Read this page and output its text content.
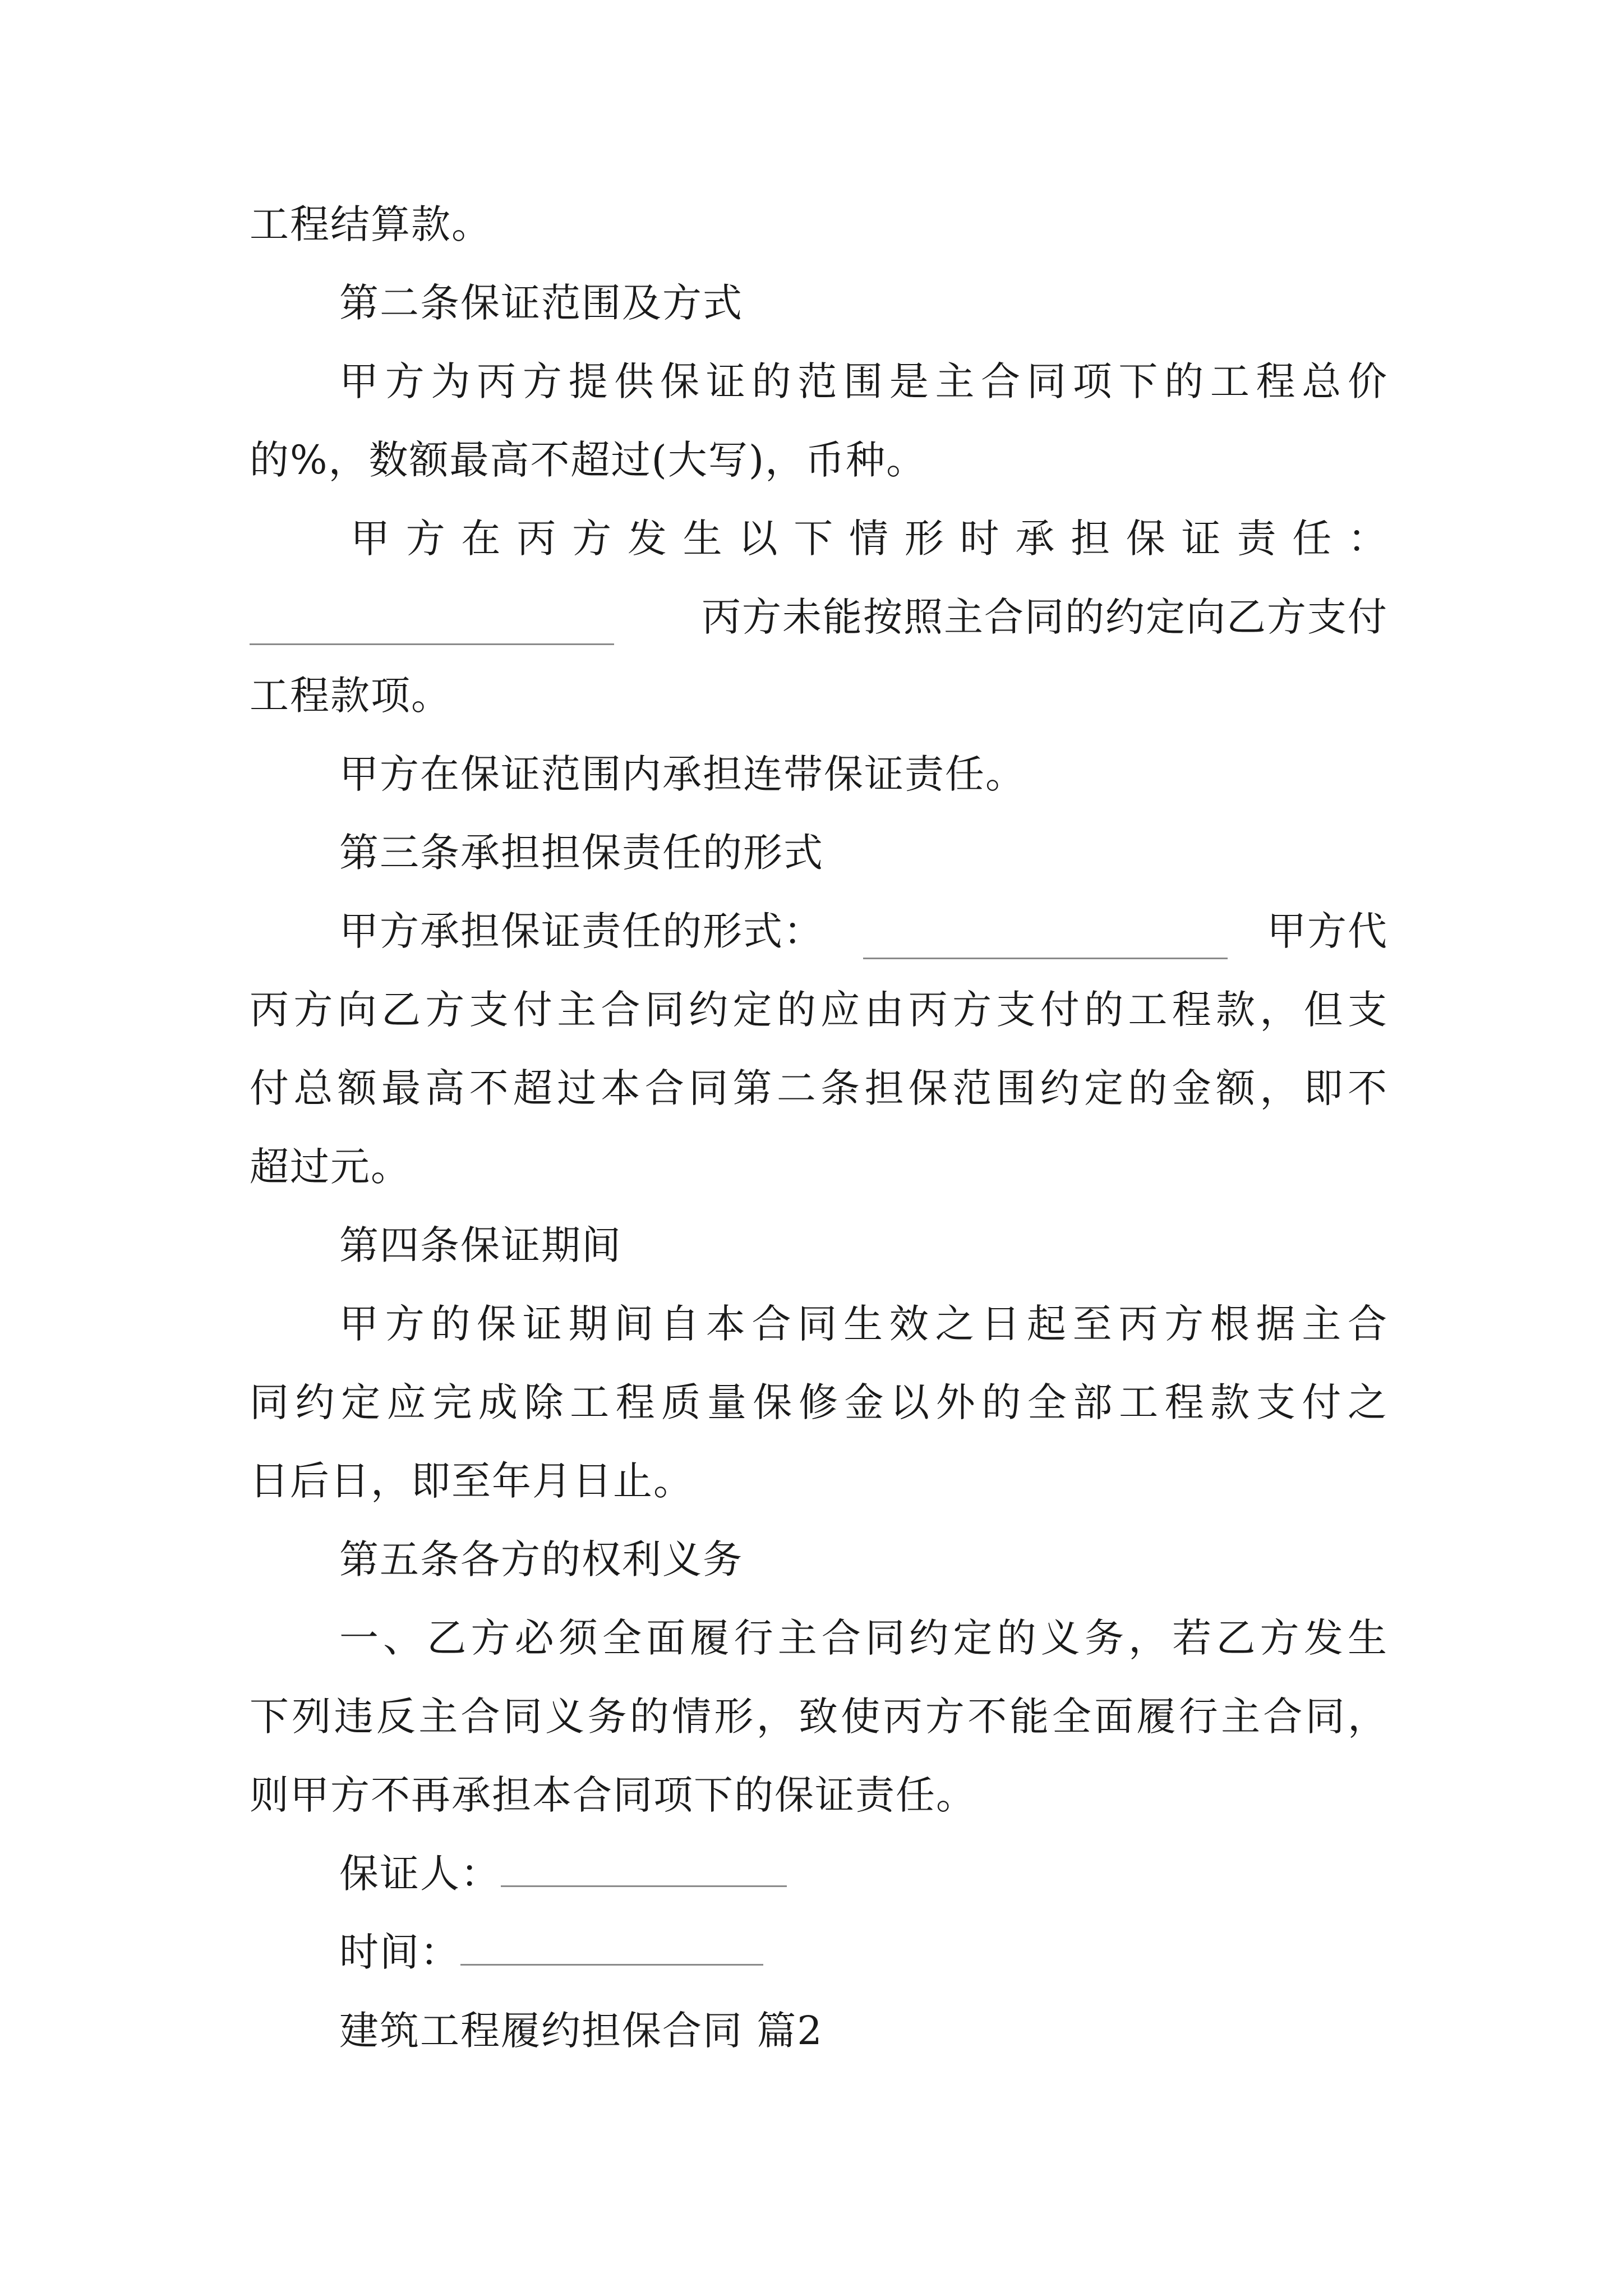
工程结算款。
第二条保证范围及方式
甲方为丙方提供保证的范围是主合同项下的工程总价
的%，数额最高不超过(大写)，币种。
甲方在丙方发生以下情形时承担保证责任：
丙方未能按照主合同的约定向乙方支付
工程款项。
甲方在保证范围内承担连带保证责任。
第三条承担担保责任的形式
甲方承担保证责任的形式：	甲方代
丙方向乙方支付主合同约定的应由丙方支付的工程款，但支
付总额最高不超过本合同第二条担保范围约定的金额，即不
超过元。
第四条保证期间
甲方的保证期间自本合同生效之日起至丙方根据主合
同约定应完成除工程质量保修金以外的全部工程款支付之
日后日，即至年月日止。
第五条各方的权利义务
一、乙方必须全面履行主合同约定的义务，若乙方发生
下列违反主合同义务的情形，致使丙方不能全面履行主合同，
则甲方不再承担本合同项下的保证责任。
保证人：
时间：
建筑工程履约担保合同 篇2
